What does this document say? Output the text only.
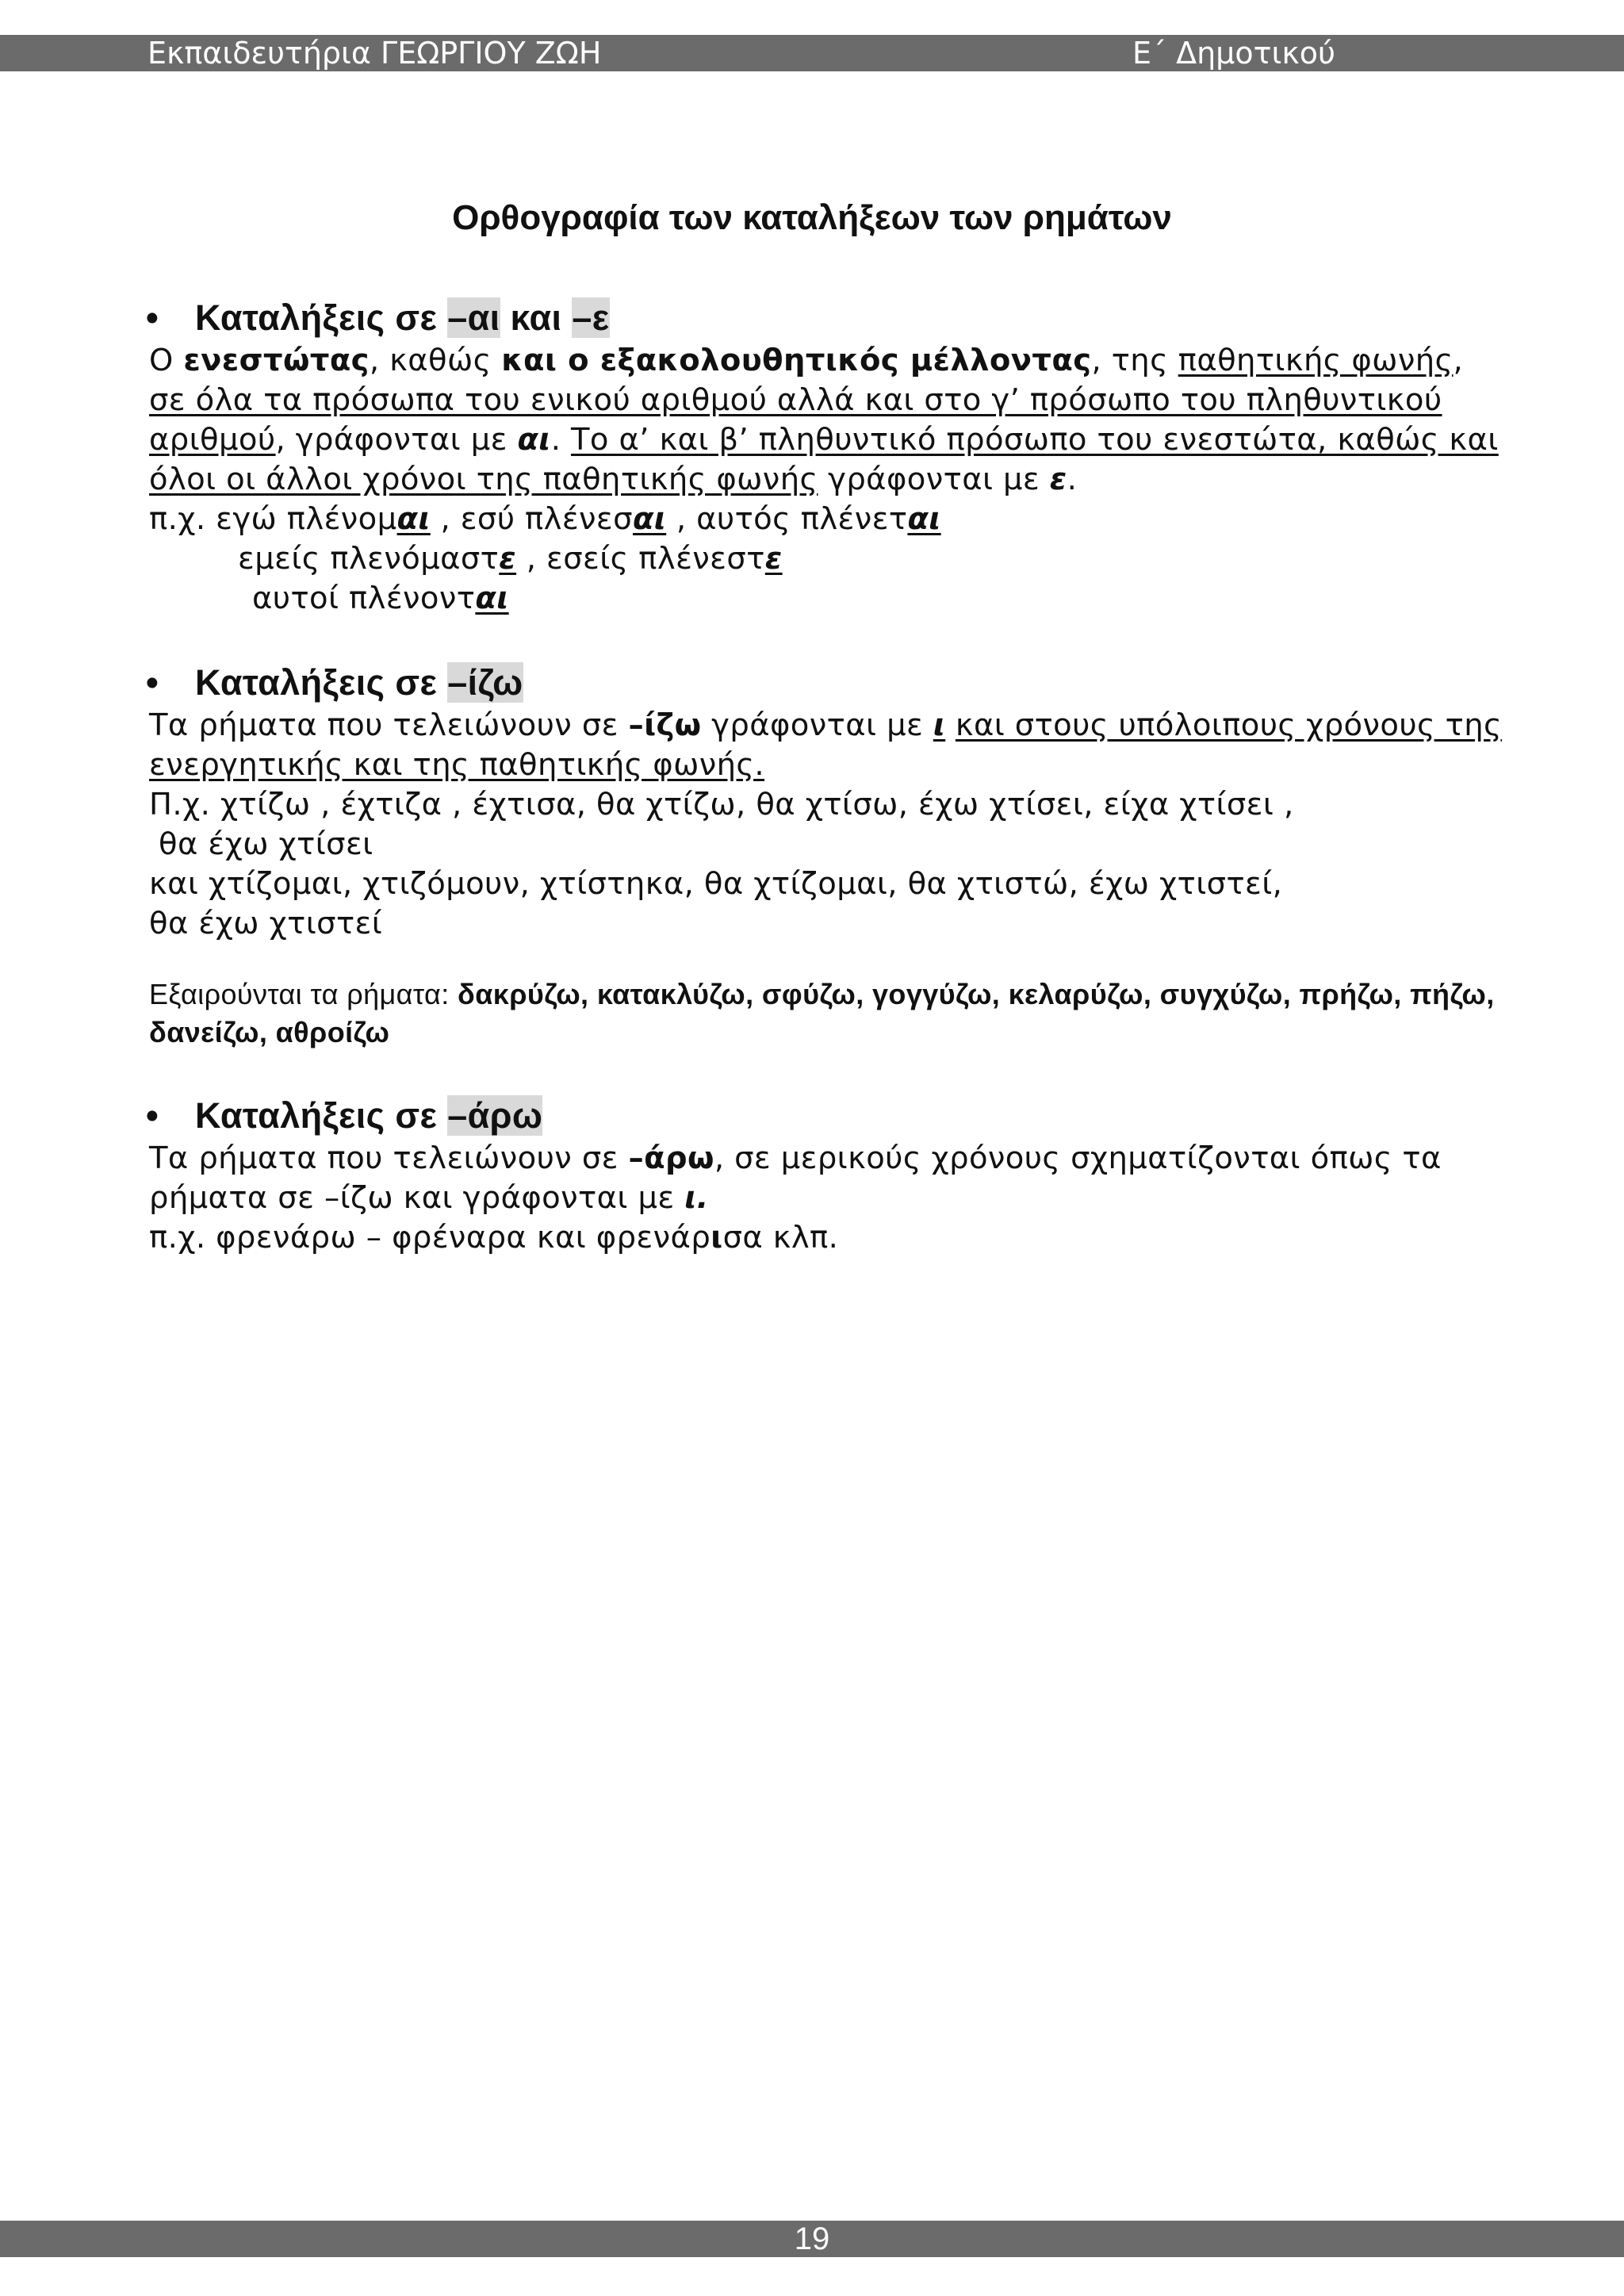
Εκπαιδευτήρια ΓΕΩΡΓΙΟΥ ΖΩΗ	Ε΄ Δημοτικού
Ορθογραφία των καταλήξεων των ρημάτων
• Καταλήξεις σε –αι και –ε

Ο ενεστώτας, καθώς και ο εξακολουθητικός μέλλοντας, της παθητικής φωνής, σε όλα τα πρόσωπα του ενικού αριθμού αλλά και στο γ’ πρόσωπο του πληθυντικού αριθμού, γράφονται με αι. Το α’ και β’ πληθυντικό πρόσωπο του ενεστώτα, καθώς και όλοι οι άλλοι χρόνοι της παθητικής φωνής γράφονται με ε.

π.χ. εγώ πλένομαι , εσύ πλένεσαι , αυτός πλένεται
εμείς πλενόμαστε , εσείς πλένεστε
αυτοί πλένονται
• Καταλήξεις σε –ίζω

Τα ρήματα που τελειώνουν σε –ίζω γράφονται με ι και στους υπόλοιπους χρόνους της ενεργητικής και της παθητικής φωνής.

Π.χ. χτίζω , έχτιζα , έχτισα, θα χτίζω, θα χτίσω, έχω χτίσει, είχα χτίσει ,
θα έχω χτίσει
και χτίζομαι, χτιζόμουν, χτίστηκα, θα χτίζομαι, θα χτιστώ, έχω χτιστεί,
θα έχω χτιστεί
Εξαιρούνται τα ρήματα: δακρύζω, κατακλύζω, σφύζω, γογγύζω, κελαρύζω, συγχύζω, πρήζω, πήζω, δανείζω, αθροίζω
• Καταλήξεις σε –άρω

Τα ρήματα που τελειώνουν σε –άρω, σε μερικούς χρόνους σχηματίζονται όπως τα ρήματα σε –ίζω και γράφονται με ι.

π.χ. φρενάρω – φρέναρα και φρενάρισα κλπ.
19
